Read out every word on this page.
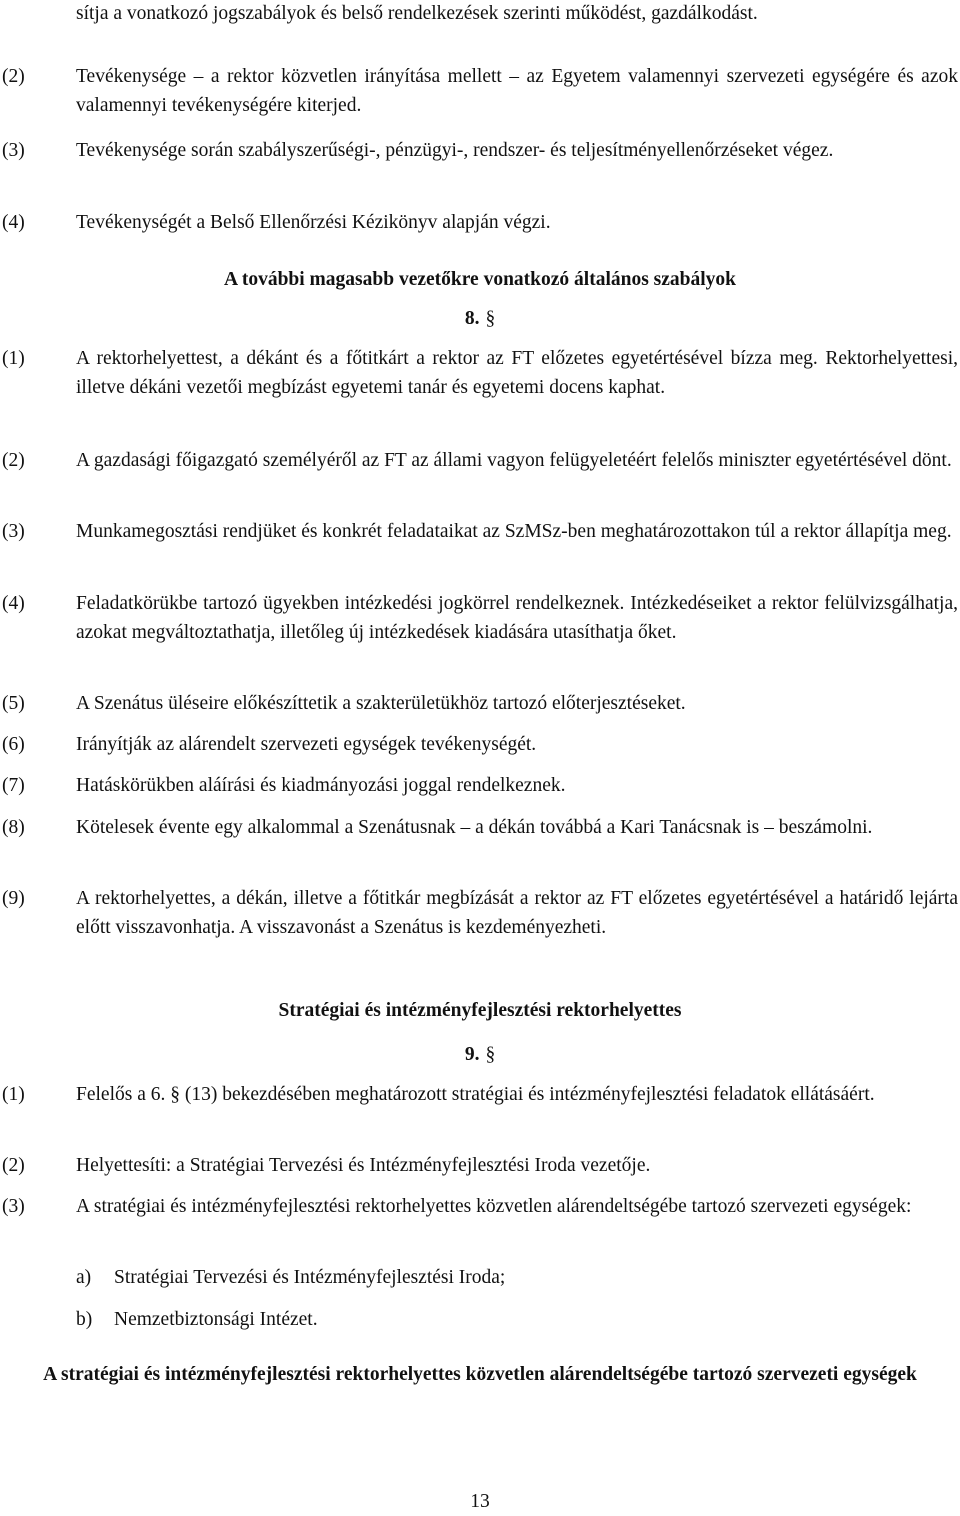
sítja a vonatkozó jogszabályok és belső rendelkezések szerinti működést, gazdálkodást.
(2)	Tevékenysége – a rektor közvetlen irányítása mellett – az Egyetem valamennyi szervezeti egységére és azok valamennyi tevékenységére kiterjed.
(3)	Tevékenysége során szabályszerűségi-, pénzügyi-, rendszer- és teljesítményellenőrzéseket végez.
(4)	Tevékenységét a Belső Ellenőrzési Kézikönyv alapján végzi.
A további magasabb vezetőkre vonatkozó általános szabályok
8. §
(1)	A rektorhelyettest, a dékánt és a főtitkárt a rektor az FT előzetes egyetértésével bízza meg. Rektorhelyettesi, illetve dékáni vezetői megbízást egyetemi tanár és egyetemi docens kaphat.
(2)	A gazdasági főigazgató személyéről az FT az állami vagyon felügyeletéért felelős miniszter egyetértésével dönt.
(3)	Munkamegosztási rendjüket és konkrét feladataikat az SzMSz-ben meghatározottakon túl a rektor állapítja meg.
(4)	Feladatkörükbe tartozó ügyekben intézkedési jogkörrel rendelkeznek. Intézkedéseiket a rektor felülvizsgálhatja, azokat megváltoztathatja, illetőleg új intézkedések kiadására utasíthatja őket.
(5)	A Szenátus üléseire előkészíttetik a szakterületükhöz tartozó előterjesztéseket.
(6)	Irányítják az alárendelt szervezeti egységek tevékenységét.
(7)	Hatáskörükben aláírási és kiadmányozási joggal rendelkeznek.
(8)	Kötelesek évente egy alkalommal a Szenátusnak – a dékán továbbá a Kari Tanácsnak is – beszámolni.
(9)	A rektorhelyettes, a dékán, illetve a főtitkár megbízását a rektor az FT előzetes egyetértésével a határidő lejárta előtt visszavonhatja. A visszavonást a Szenátus is kezdeményezheti.
Stratégiai és intézményfejlesztési rektorhelyettes
9. §
(1)	Felelős a 6. § (13) bekezdésében meghatározott stratégiai és intézményfejlesztési feladatok ellátásáért.
(2)	Helyettesíti: a Stratégiai Tervezési és Intézményfejlesztési Iroda vezetője.
(3)	A stratégiai és intézményfejlesztési rektorhelyettes közvetlen alárendeltségébe tartozó szervezeti egységek:
a) Stratégiai Tervezési és Intézményfejlesztési Iroda;
b) Nemzetbiztonsági Intézet.
A stratégiai és intézményfejlesztési rektorhelyettes közvetlen alárendeltségébe tartozó szervezeti egységek
13
